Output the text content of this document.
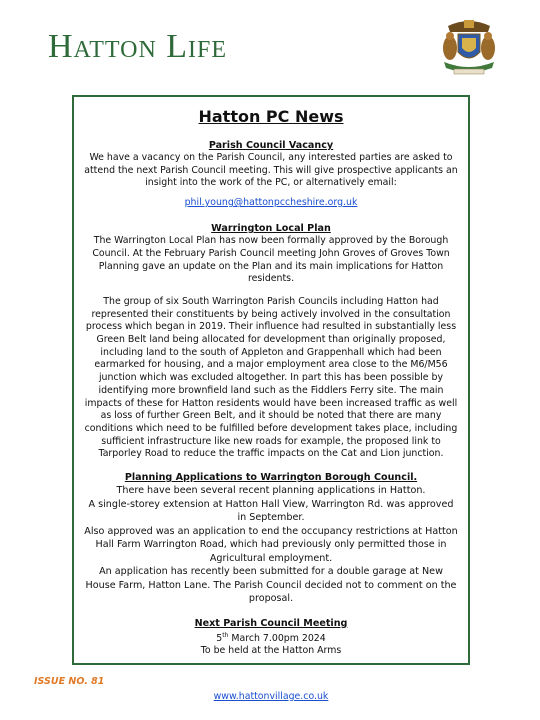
Hatton Life
Hatton PC News
Parish Council Vacancy
We have a vacancy on the Parish Council, any interested parties are asked to attend the next Parish Council meeting. This will give prospective applicants an insight into the work of the PC, or alternatively email:
phil.young@hattonpccheshire.org.uk
Warrington Local Plan
The Warrington Local Plan has now been formally approved by the Borough Council. At the February Parish Council meeting John Groves of Groves Town Planning gave an update on the Plan and its main implications for Hatton residents.
The group of six South Warrington Parish Councils including Hatton had represented their constituents by being actively involved in the consultation process which began in 2019. Their influence had resulted in substantially less Green Belt land being allocated for development than originally proposed, including land to the south of Appleton and Grappenhall which had been earmarked for housing, and a major employment area close to the M6/M56 junction which was excluded altogether. In part this has been possible by identifying more brownfield land such as the Fiddlers Ferry site. The main impacts of these for Hatton residents would have been increased traffic as well as loss of further Green Belt, and it should be noted that there are many conditions which need to be fulfilled before development takes place, including sufficient infrastructure like new roads for example, the proposed link to Tarporley Road to reduce the traffic impacts on the Cat and Lion junction.
Planning Applications to Warrington Borough Council.
There have been several recent planning applications in Hatton.
A single-storey extension at Hatton Hall View, Warrington Rd. was approved in September.
Also approved was an application to end the occupancy restrictions at Hatton Hall Farm Warrington Road, which had previously only permitted those in Agricultural employment.
An application has recently been submitted for a double garage at New House Farm, Hatton Lane. The Parish Council decided not to comment on the proposal.
Next Parish Council Meeting
5th March 7.00pm 2024
To be held at the Hatton Arms
www.hattonvillage.co.uk
ISSUE NO. 81
